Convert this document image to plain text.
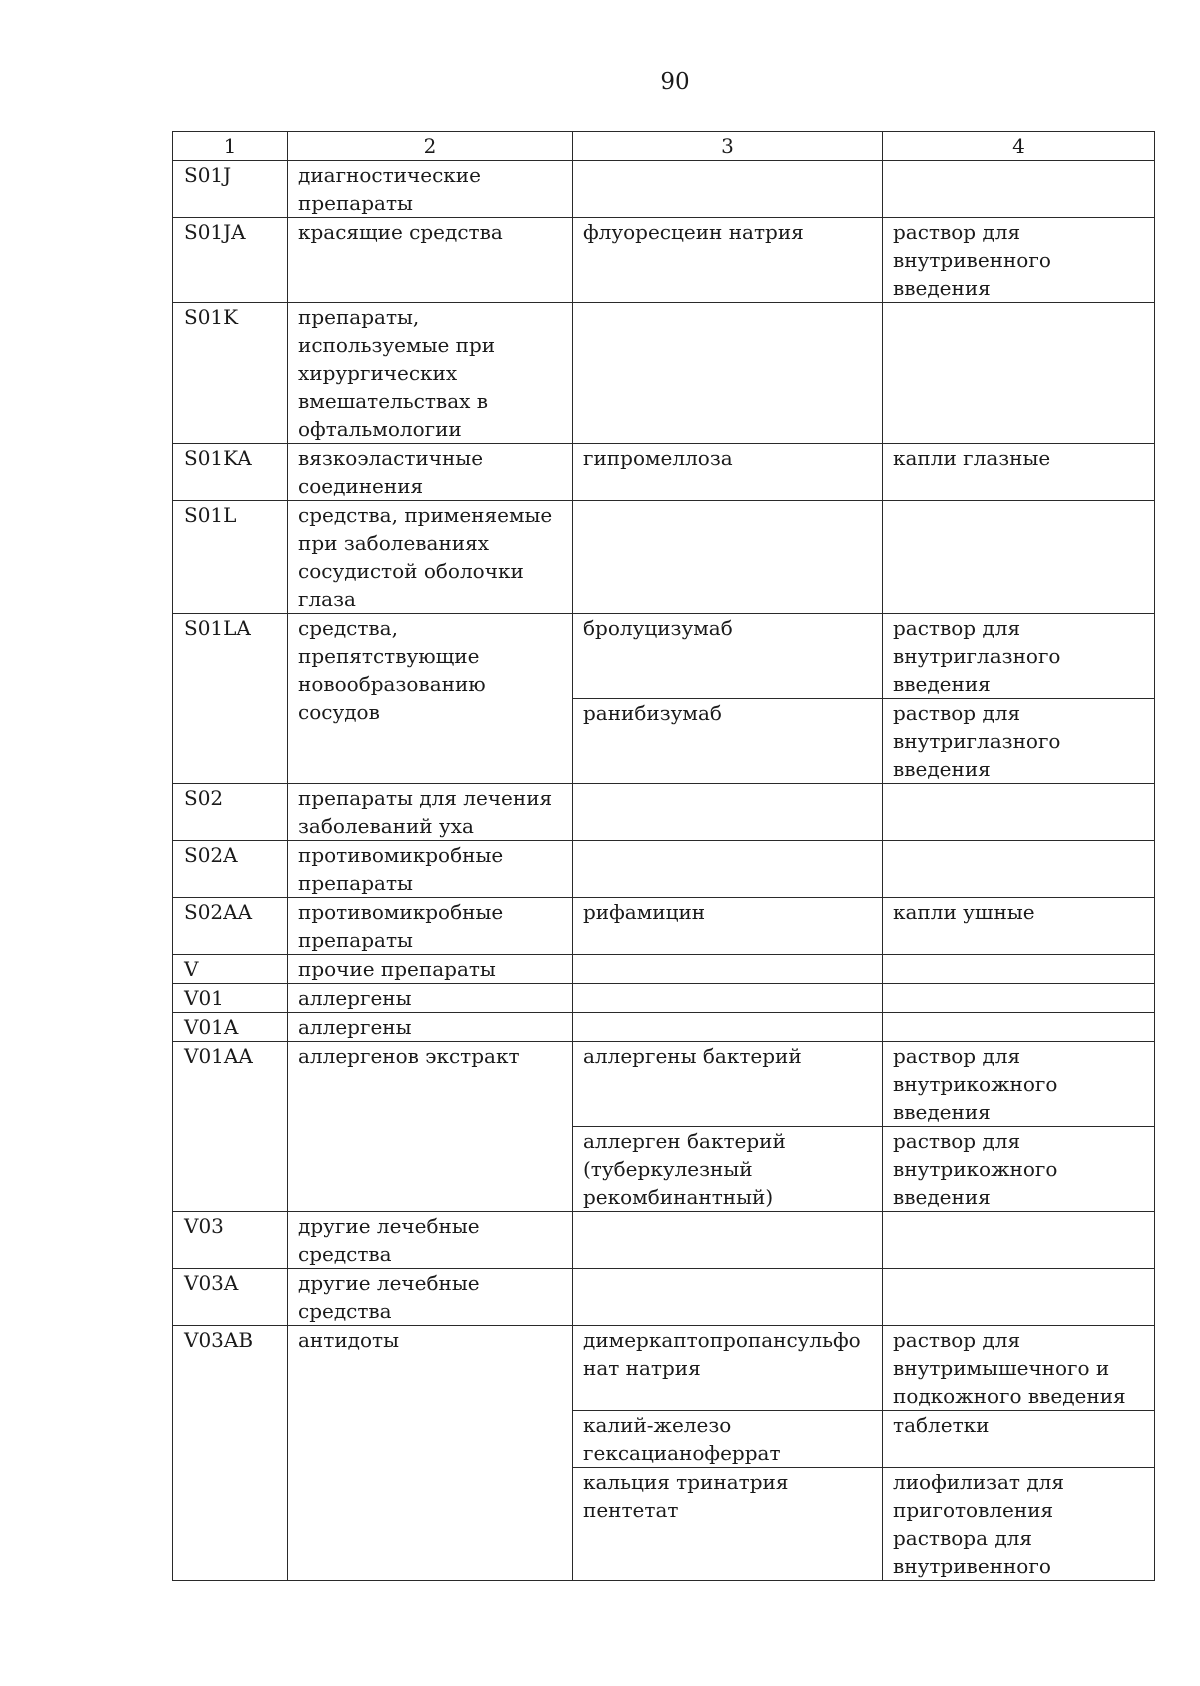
90
1	2	3	4
S01J	диагностические препараты		
S01JA	красящие средства	флуоресцеин натрия	раствор для внутривенного введения
S01K	препараты, используемые при хирургических вмешательствах в офтальмологии		
S01KA	вязкоэластичные соединения	гипромеллоза	капли глазные
S01L	средства, применяемые при заболеваниях сосудистой оболочки глаза		
S01LA	средства, препятствующие новообразованию сосудов	бролуцизумаб	раствор для внутриглазного введения
		ранибизумаб	раствор для внутриглазного введения
S02	препараты для лечения заболеваний уха		
S02A	противомикробные препараты		
S02AA	противомикробные препараты	рифамицин	капли ушные
V	прочие препараты		
V01	аллергены		
V01A	аллергены		
V01AA	аллергенов экстракт	аллергены бактерий	раствор для внутрикожного введения
		аллерген бактерий (туберкулезный рекомбинантный)	раствор для внутрикожного введения
V03	другие лечебные средства		
V03A	другие лечебные средства		
V03AB	антидоты	димеркаптопропансульфо нат натрия	раствор для внутримышечного и подкожного введения
		калий-железо гексацианоферрат	таблетки
		кальция тринатрия пентетат	лиофилизат для приготовления раствора для внутривенного
